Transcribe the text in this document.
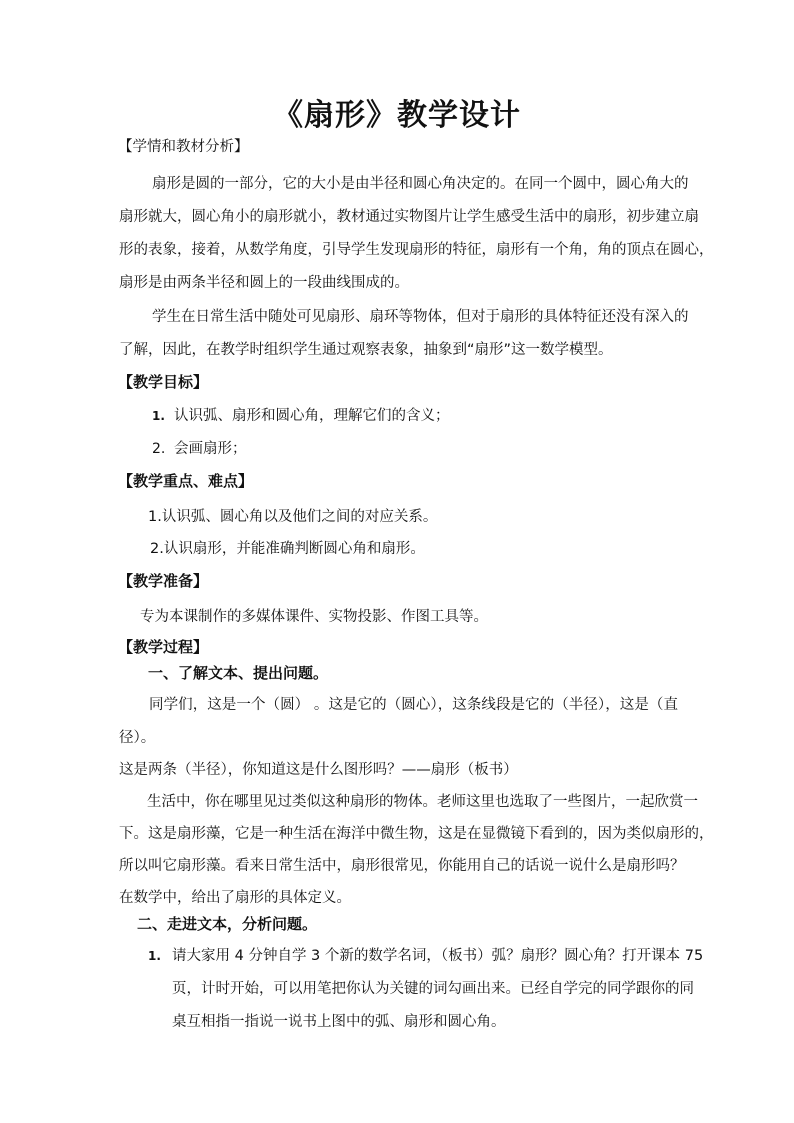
《扇形》教学设计
【学情和教材分析】
扇形是圆的一部分，它的大小是由半径和圆心角决定的。在同一个圆中，圆心角大的
扇形就大，圆心角小的扇形就小，教材通过实物图片让学生感受生活中的扇形，初步建立扇
形的表象，接着，从数学角度，引导学生发现扇形的特征，扇形有一个角，角的顶点在圆心，
扇形是由两条半径和圆上的一段曲线围成的。
学生在日常生活中随处可见扇形、扇环等物体，但对于扇形的具体特征还没有深入的
了解，因此，在教学时组织学生通过观察表象，抽象到“扇形”这一数学模型。
【教学目标】
1. 认识弧、扇形和圆心角，理解它们的含义；
2. 会画扇形；
【教学重点、难点】
1.认识弧、圆心角以及他们之间的对应关系。
2.认识扇形，并能准确判断圆心角和扇形。
【教学准备】
专为本课制作的多媒体课件、实物投影、作图工具等。
【教学过程】
一、了解文本、提出问题。
同学们，这是一个（圆） 。这是它的（圆心），这条线段是它的（半径），这是（直
径）。
这是两条（半径），你知道这是什么图形吗？——扇形（板书）
生活中，你在哪里见过类似这种扇形的物体。老师这里也选取了一些图片，一起欣赏一
下。这是扇形藻，它是一种生活在海洋中微生物，这是在显微镜下看到的，因为类似扇形的，
所以叫它扇形藻。看来日常生活中，扇形很常见，你能用自己的话说一说什么是扇形吗？
在数学中，给出了扇形的具体定义。
二、走进文本，分析问题。
1. 请大家用 4 分钟自学 3 个新的数学名词，（板书）弧？扇形？圆心角？打开课本 75
页，计时开始，可以用笔把你认为关键的词勾画出来。已经自学完的同学跟你的同
桌互相指一指说一说书上图中的弧、扇形和圆心角。
